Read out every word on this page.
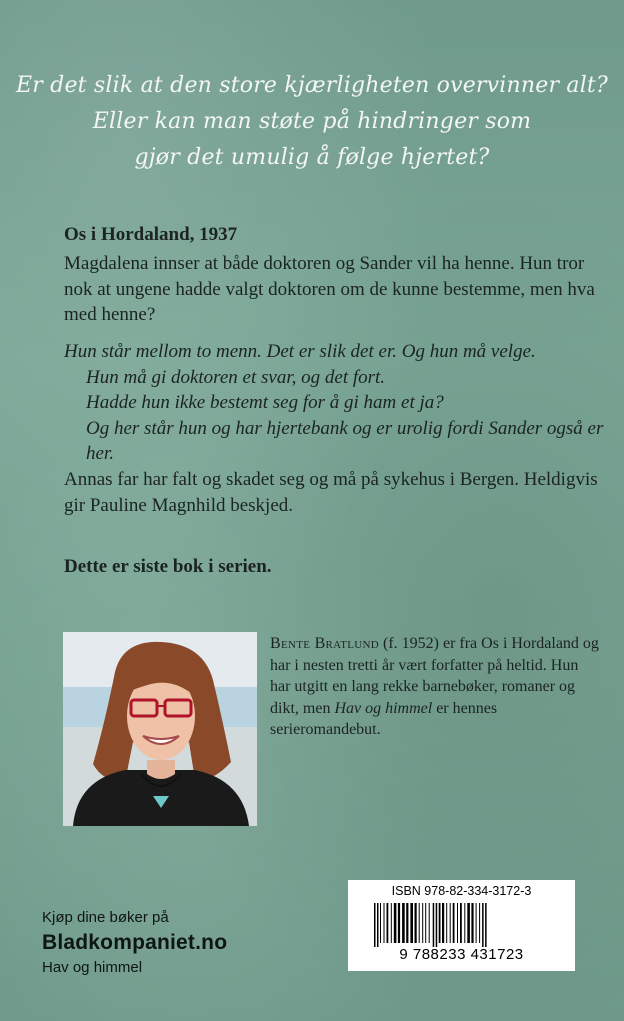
Er det slik at den store kjærligheten overvinner alt?
Eller kan man støte på hindringer som
gjør det umulig å følge hjertet?
Os i Hordaland, 1937
Magdalena innser at både doktoren og Sander vil ha henne. Hun tror nok at ungene hadde valgt doktoren om de kunne bestemme, men hva med henne?
Hun står mellom to menn. Det er slik det er. Og hun må velge.
Hun må gi doktoren et svar, og det fort.
Hadde hun ikke bestemt seg for å gi ham et ja?
Og her står hun og har hjertebank og er urolig fordi Sander også er her.
Annas far har falt og skadet seg og må på sykehus i Bergen. Heldigvis gir Pauline Magnhild beskjed.
Dette er siste bok i serien.
Bente Bratlund (f. 1952) er fra Os i Hordaland og har i nesten tretti år vært forfatter på heltid. Hun har utgitt en lang rekke barnebøker, romaner og dikt, men Hav og himmel er hennes serieromandebut.
Kjøp dine bøker på
Bladkompaniet.no
Hav og himmel
ISBN 978-82-334-3172-3
9 788233 431723
